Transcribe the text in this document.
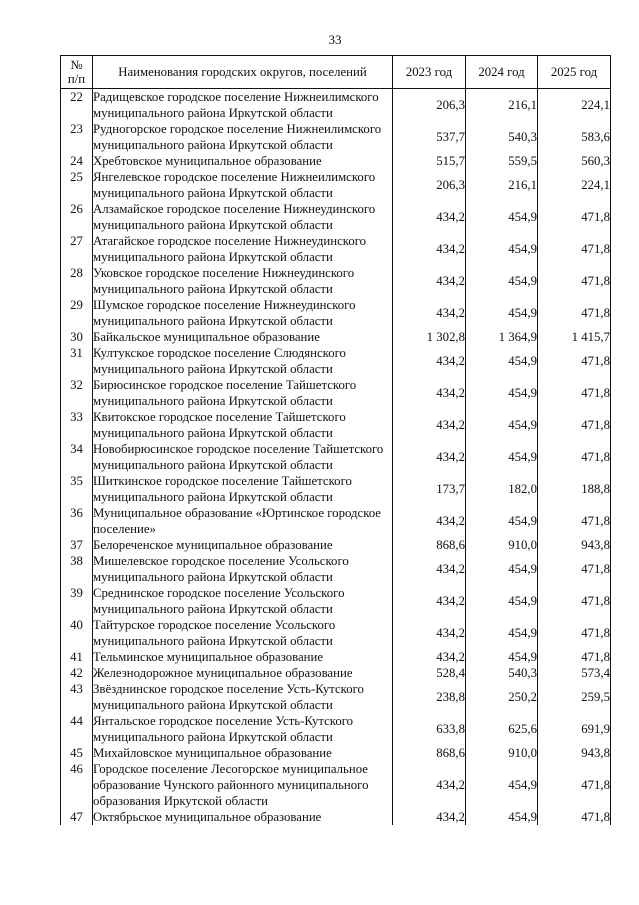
33
№
п/п	Наименования городских округов, поселений	2023 год	2024 год	2025 год
22	Радищевское городское поселение Нижнеилимского
муниципального района Иркутской области	206,3	216,1	224,1
23	Рудногорское городское поселение Нижнеилимского
муниципального района Иркутской области	537,7	540,3	583,6
24	Хребтовское муниципальное образование	515,7	559,5	560,3
25	Янгелевское городское поселение Нижнеилимского
муниципального района Иркутской области	206,3	216,1	224,1
26	Алзамайское городское поселение Нижнеудинского
муниципального района Иркутской области	434,2	454,9	471,8
27	Атагайское городское поселение Нижнеудинского
муниципального района Иркутской области	434,2	454,9	471,8
28	Уковское городское поселение Нижнеудинского
муниципального района Иркутской области	434,2	454,9	471,8
29	Шумское городское поселение Нижнеудинского
муниципального района Иркутской области	434,2	454,9	471,8
30	Байкальское муниципальное образование	1 302,8	1 364,9	1 415,7
31	Култукское городское поселение Слюдянского
муниципального района Иркутской области	434,2	454,9	471,8
32	Бирюсинское городское поселение Тайшетского
муниципального района Иркутской области	434,2	454,9	471,8
33	Квитокское городское поселение Тайшетского
муниципального района Иркутской области	434,2	454,9	471,8
34	Новобирюсинское городское поселение Тайшетского
муниципального района Иркутской области	434,2	454,9	471,8
35	Шиткинское городское поселение Тайшетского
муниципального района Иркутской области	173,7	182,0	188,8
36	Муниципальное образование «Юртинское городское
поселение»	434,2	454,9	471,8
37	Белореченское муниципальное образование	868,6	910,0	943,8
38	Мишелевское городское поселение Усольского
муниципального района Иркутской области	434,2	454,9	471,8
39	Среднинское городское поселение Усольского
муниципального района Иркутской области	434,2	454,9	471,8
40	Тайтурское городское поселение Усольского
муниципального района Иркутской области	434,2	454,9	471,8
41	Тельминское муниципальное образование	434,2	454,9	471,8
42	Железнодорожное муниципальное образование	528,4	540,3	573,4
43	Звёзднинское городское поселение Усть-Кутского
муниципального района Иркутской области	238,8	250,2	259,5
44	Янтальское городское поселение Усть-Кутского
муниципального района Иркутской области	633,8	625,6	691,9
45	Михайловское муниципальное образование	868,6	910,0	943,8
46	Городское поселение Лесогорское муниципальное
образование Чунского районного муниципального
образования Иркутской области	434,2	454,9	471,8
47	Октябрьское муниципальное образование	434,2	454,9	471,8
